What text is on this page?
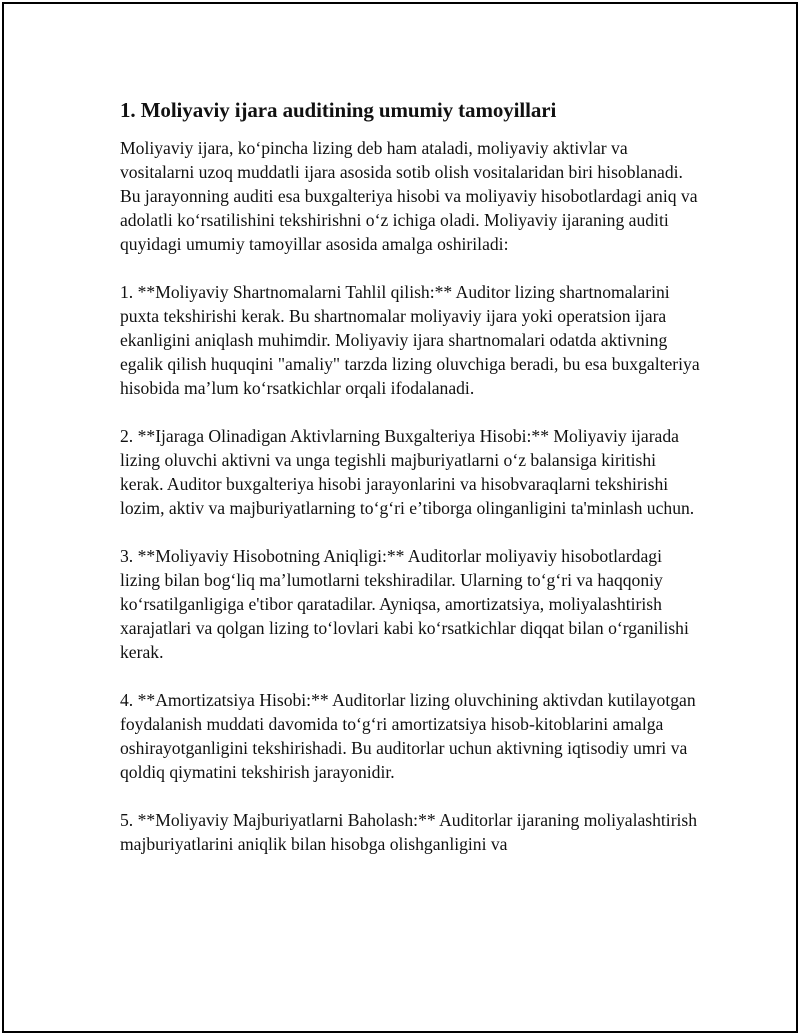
1. Moliyaviy ijara auditining umumiy tamoyillari

Moliyaviy ijara, ko‘pincha lizing deb ham ataladi, moliyaviy aktivlar va vositalarni uzoq muddatli ijara asosida sotib olish vositalaridan biri hisoblanadi. Bu jarayonning auditi esa buxgalteriya hisobi va moliyaviy hisobotlardagi aniq va adolatli ko‘rsatilishini tekshirishni o‘z ichiga oladi. Moliyaviy ijaraning auditi quyidagi umumiy tamoyillar asosida amalga oshiriladi:

1. **Moliyaviy Shartnomalarni Tahlil qilish:** Auditor lizing shartnomalarini puxta tekshirishi kerak. Bu shartnomalar moliyaviy ijara yoki operatsion ijara ekanligini aniqlash muhimdir. Moliyaviy ijara shartnomalari odatda aktivning egalik qilish huquqini "amaliy" tarzda lizing oluvchiga beradi, bu esa buxgalteriya hisobida ma’lum ko‘rsatkichlar orqali ifodalanadi.

2. **Ijaraga Olinadigan Aktivlarning Buxgalteriya Hisobi:** Moliyaviy ijarada lizing oluvchi aktivni va unga tegishli majburiyatlarni o‘z balansiga kiritishi kerak. Auditor buxgalteriya hisobi jarayonlarini va hisobvaraqlarni tekshirishi lozim, aktiv va majburiyatlarning to‘g‘ri e’tiborga olinganligini ta'minlash uchun.

3. **Moliyaviy Hisobotning Aniqligi:** Auditorlar moliyaviy hisobotlardagi lizing bilan bog‘liq ma’lumotlarni tekshiradilar. Ularning to‘g‘ri va haqqoniy ko‘rsatilganligiga e'tibor qaratadilar. Ayniqsa, amortizatsiya, moliyalashtirish xarajatlari va qolgan lizing to‘lovlari kabi ko‘rsatkichlar diqqat bilan o‘rganilishi kerak.

4. **Amortizatsiya Hisobi:** Auditorlar lizing oluvchining aktivdan kutilayotgan foydalanish muddati davomida to‘g‘ri amortizatsiya hisob-kitoblarini amalga oshirayotganligini tekshirishadi. Bu auditorlar uchun aktivning iqtisodiy umri va qoldiq qiymatini tekshirish jarayonidir.

5. **Moliyaviy Majburiyatlarni Baholash:** Auditorlar ijaraning moliyalashtirish majburiyatlarini aniqlik bilan hisobga olishganligini va
